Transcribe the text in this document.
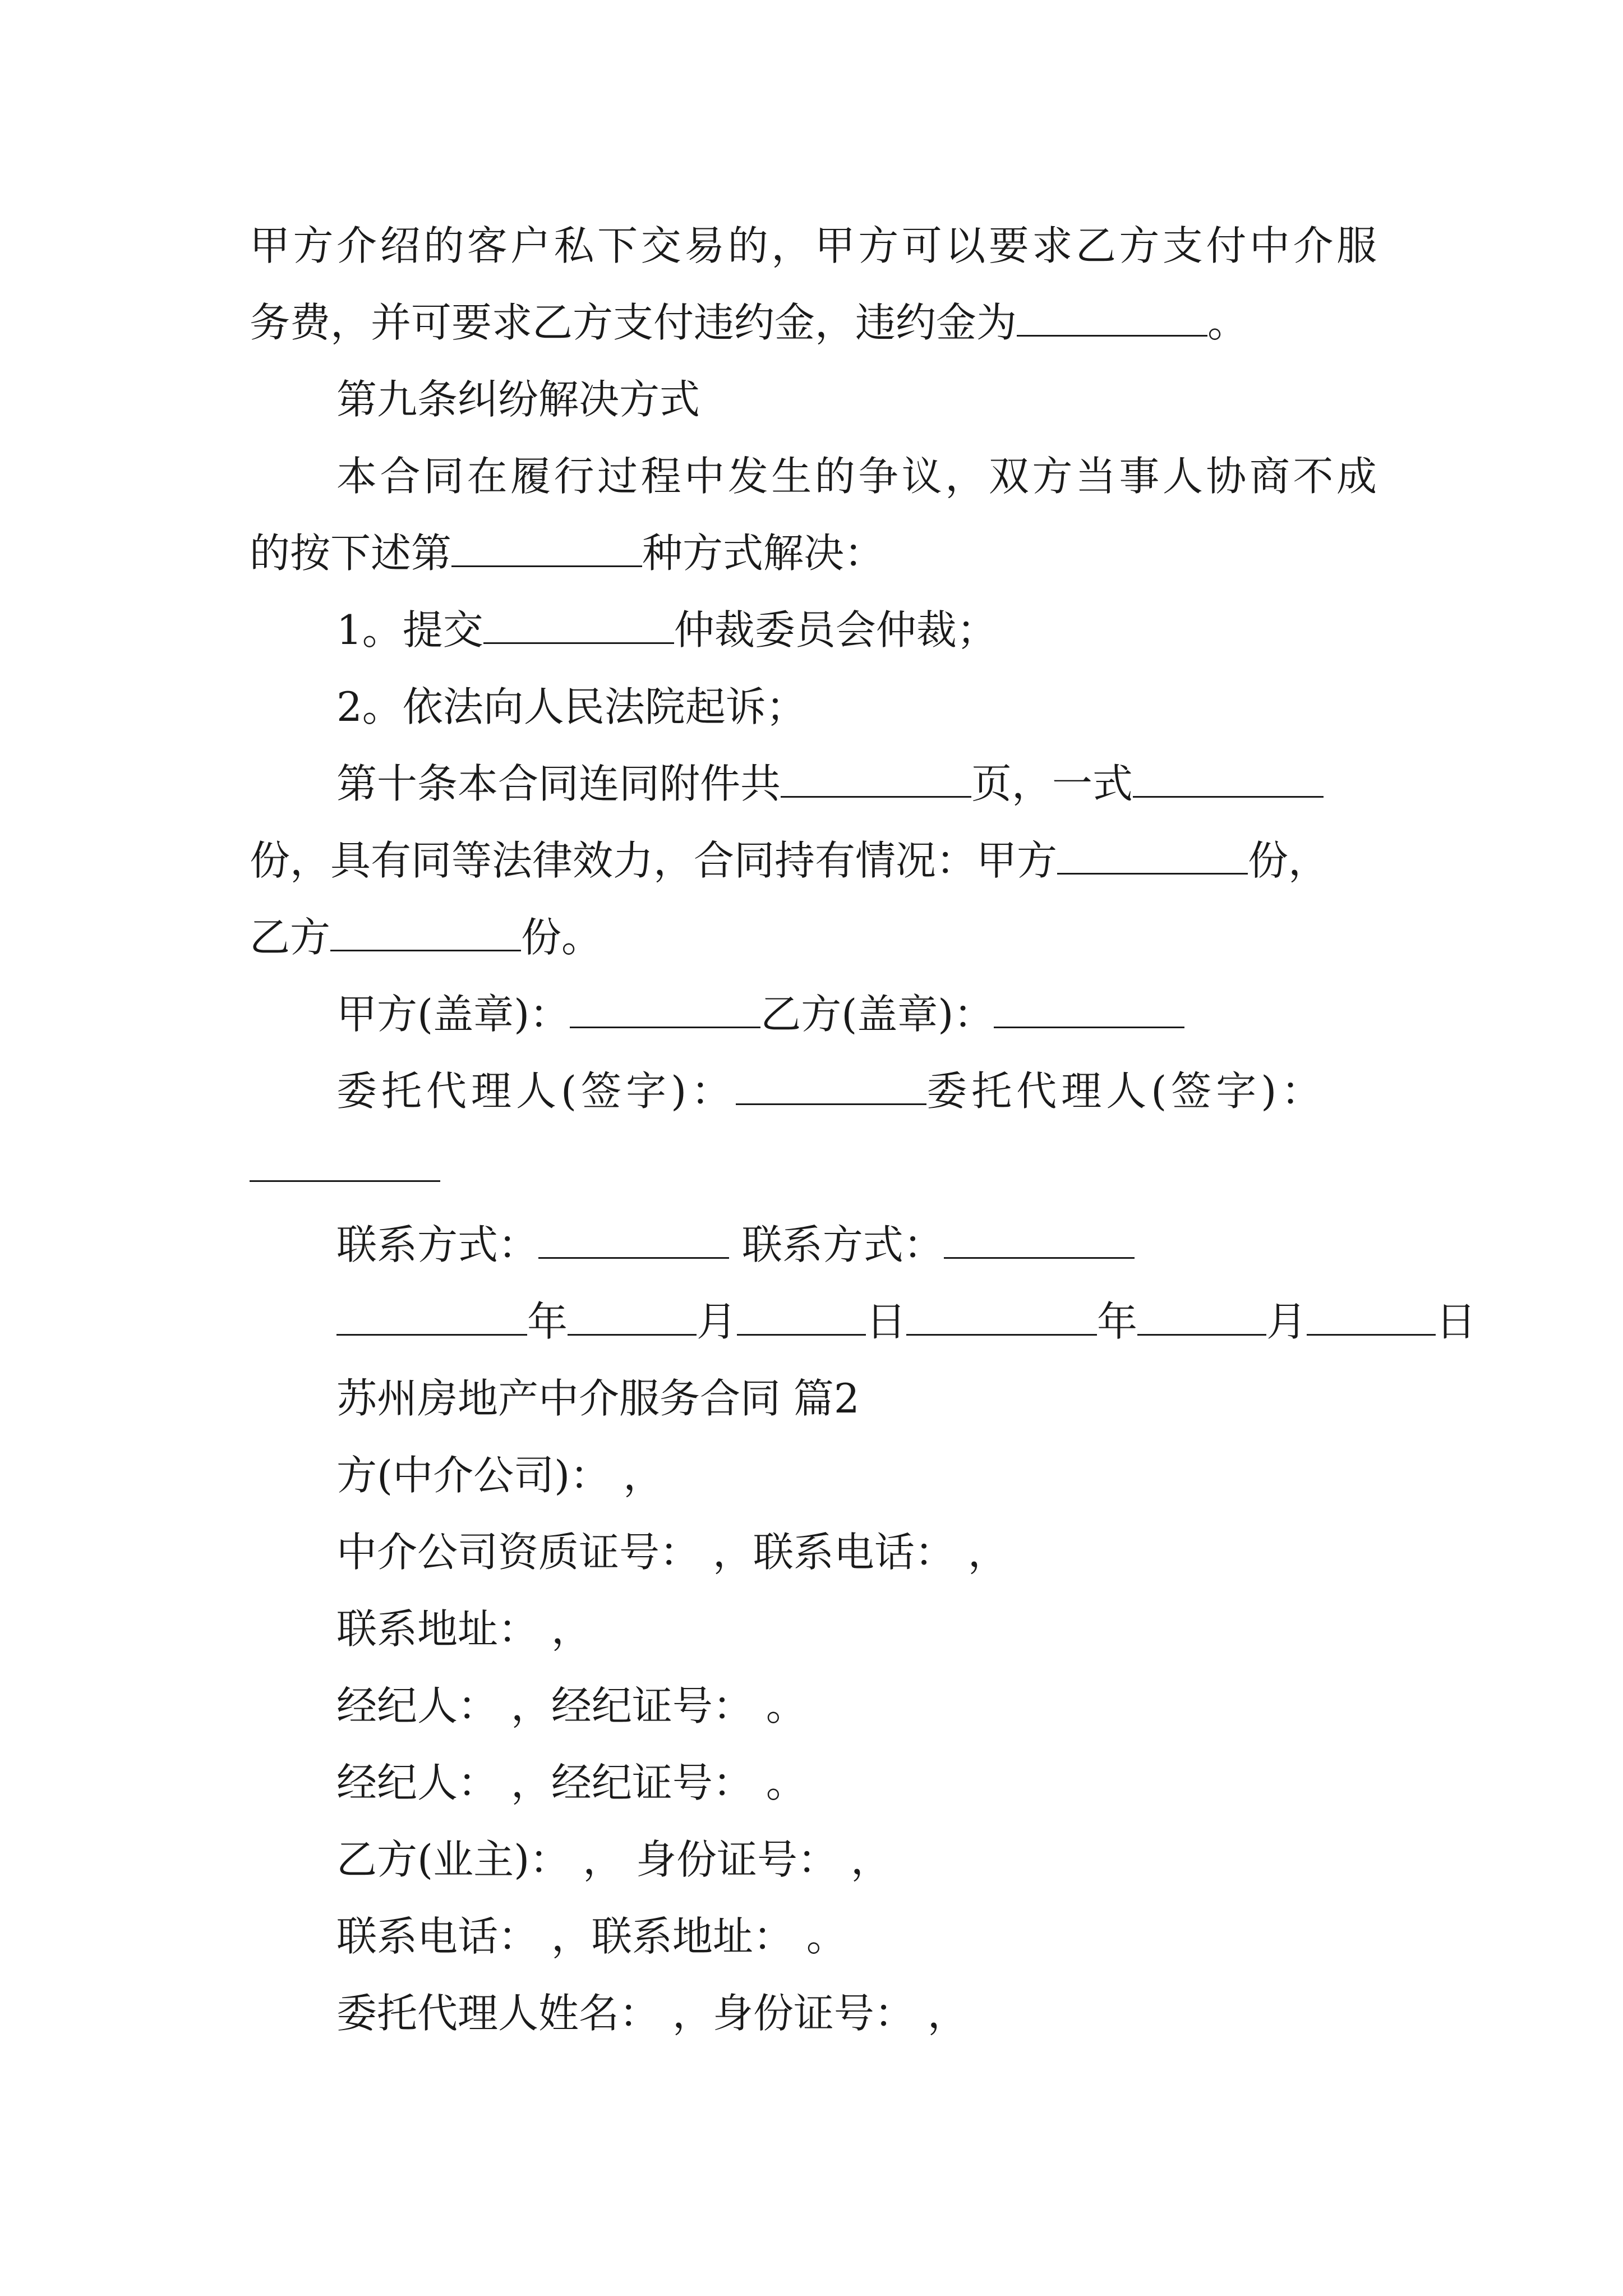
甲方介绍的客户私下交易的，甲方可以要求乙方支付中介服
务费，并可要求乙方支付违约金，违约金为	。
第九条纠纷解决方式
本合同在履行过程中发生的争议，双方当事人协商不成
的按下述第	种方式解决：
1。提交	仲裁委员会仲裁；
2。依法向人民法院起诉；
第十条本合同连同附件共	页，一式
份，具有同等法律效力，合同持有情况：甲方	份，
乙方	份。
甲方(盖章)：	乙方(盖章)：
委托代理人(签字)：	委托代理人(签字)：
联系方式：	联系方式：
年	月	日	年	月	日
苏州房地产中介服务合同 篇2
方(中介公司)： ，
中介公司资质证号： ，联系电话： ，
联系地址： ，
经纪人： ，经纪证号： 。
经纪人： ，经纪证号： 。
乙方(业主)： ， 身份证号： ，
联系电话： ，联系地址： 。
委托代理人姓名： ，身份证号： ，
